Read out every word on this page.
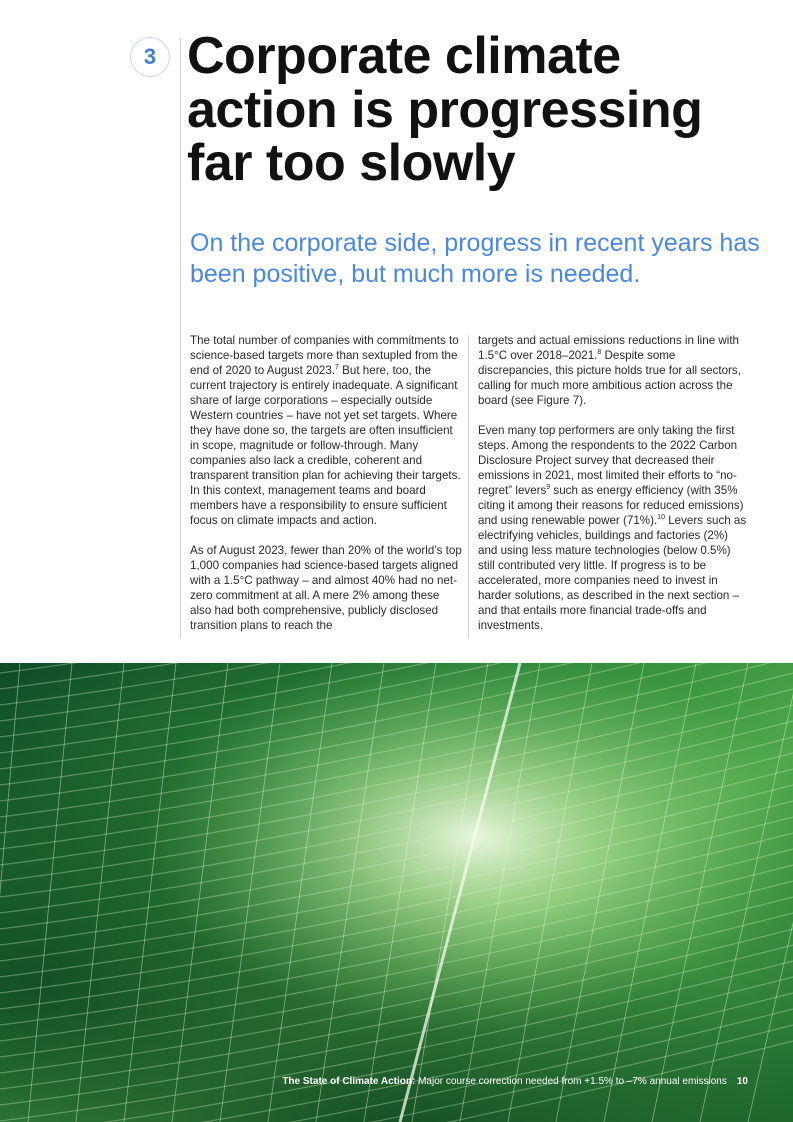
3 Corporate climate action is progressing far too slowly
On the corporate side, progress in recent years has been positive, but much more is needed.

The total number of companies with commitments to science-based targets more than sextupled from the end of 2020 to August 2023.$^7$ But here, too, the current trajectory is entirely inadequate. A significant share of large corporations – especially outside Western countries – have not yet set targets. Where they have done so, the targets are often insufficient in scope, magnitude or follow-through. Many companies also lack a credible, coherent and transparent transition plan for achieving their targets. In this context, management teams and board members have a responsibility to ensure sufficient focus on climate impacts and action.

As of August 2023, fewer than 20% of the world’s top 1,000 companies had science-based targets aligned with a 1.5°C pathway – and almost 40% had no net-zero commitment at all. A mere 2% among these also had both comprehensive, publicly disclosed transition plans to reach the

targets and actual emissions reductions in line with 1.5°C over 2018–2021.$^8$ Despite some discrepancies, this picture holds true for all sectors, calling for much more ambitious action across the board (see Figure 7).

Even many top performers are only taking the first steps. Among the respondents to the 2022 Carbon Disclosure Project survey that decreased their emissions in 2021, most limited their efforts to “no-regret” levers$^9$ such as energy efficiency (with 35% citing it among their reasons for reduced emissions) and using renewable power (71%).$^{10}$ Levers such as electrifying vehicles, buildings and factories (2%) and using less mature technologies (below 0.5%) still contributed very little. If progress is to be accelerated, more companies need to invest in harder solutions, as described in the next section – and that entails more financial trade-offs and investments.

The State of Climate Action: Major course correction needed from +1.5% to –7% annual emissions 10
